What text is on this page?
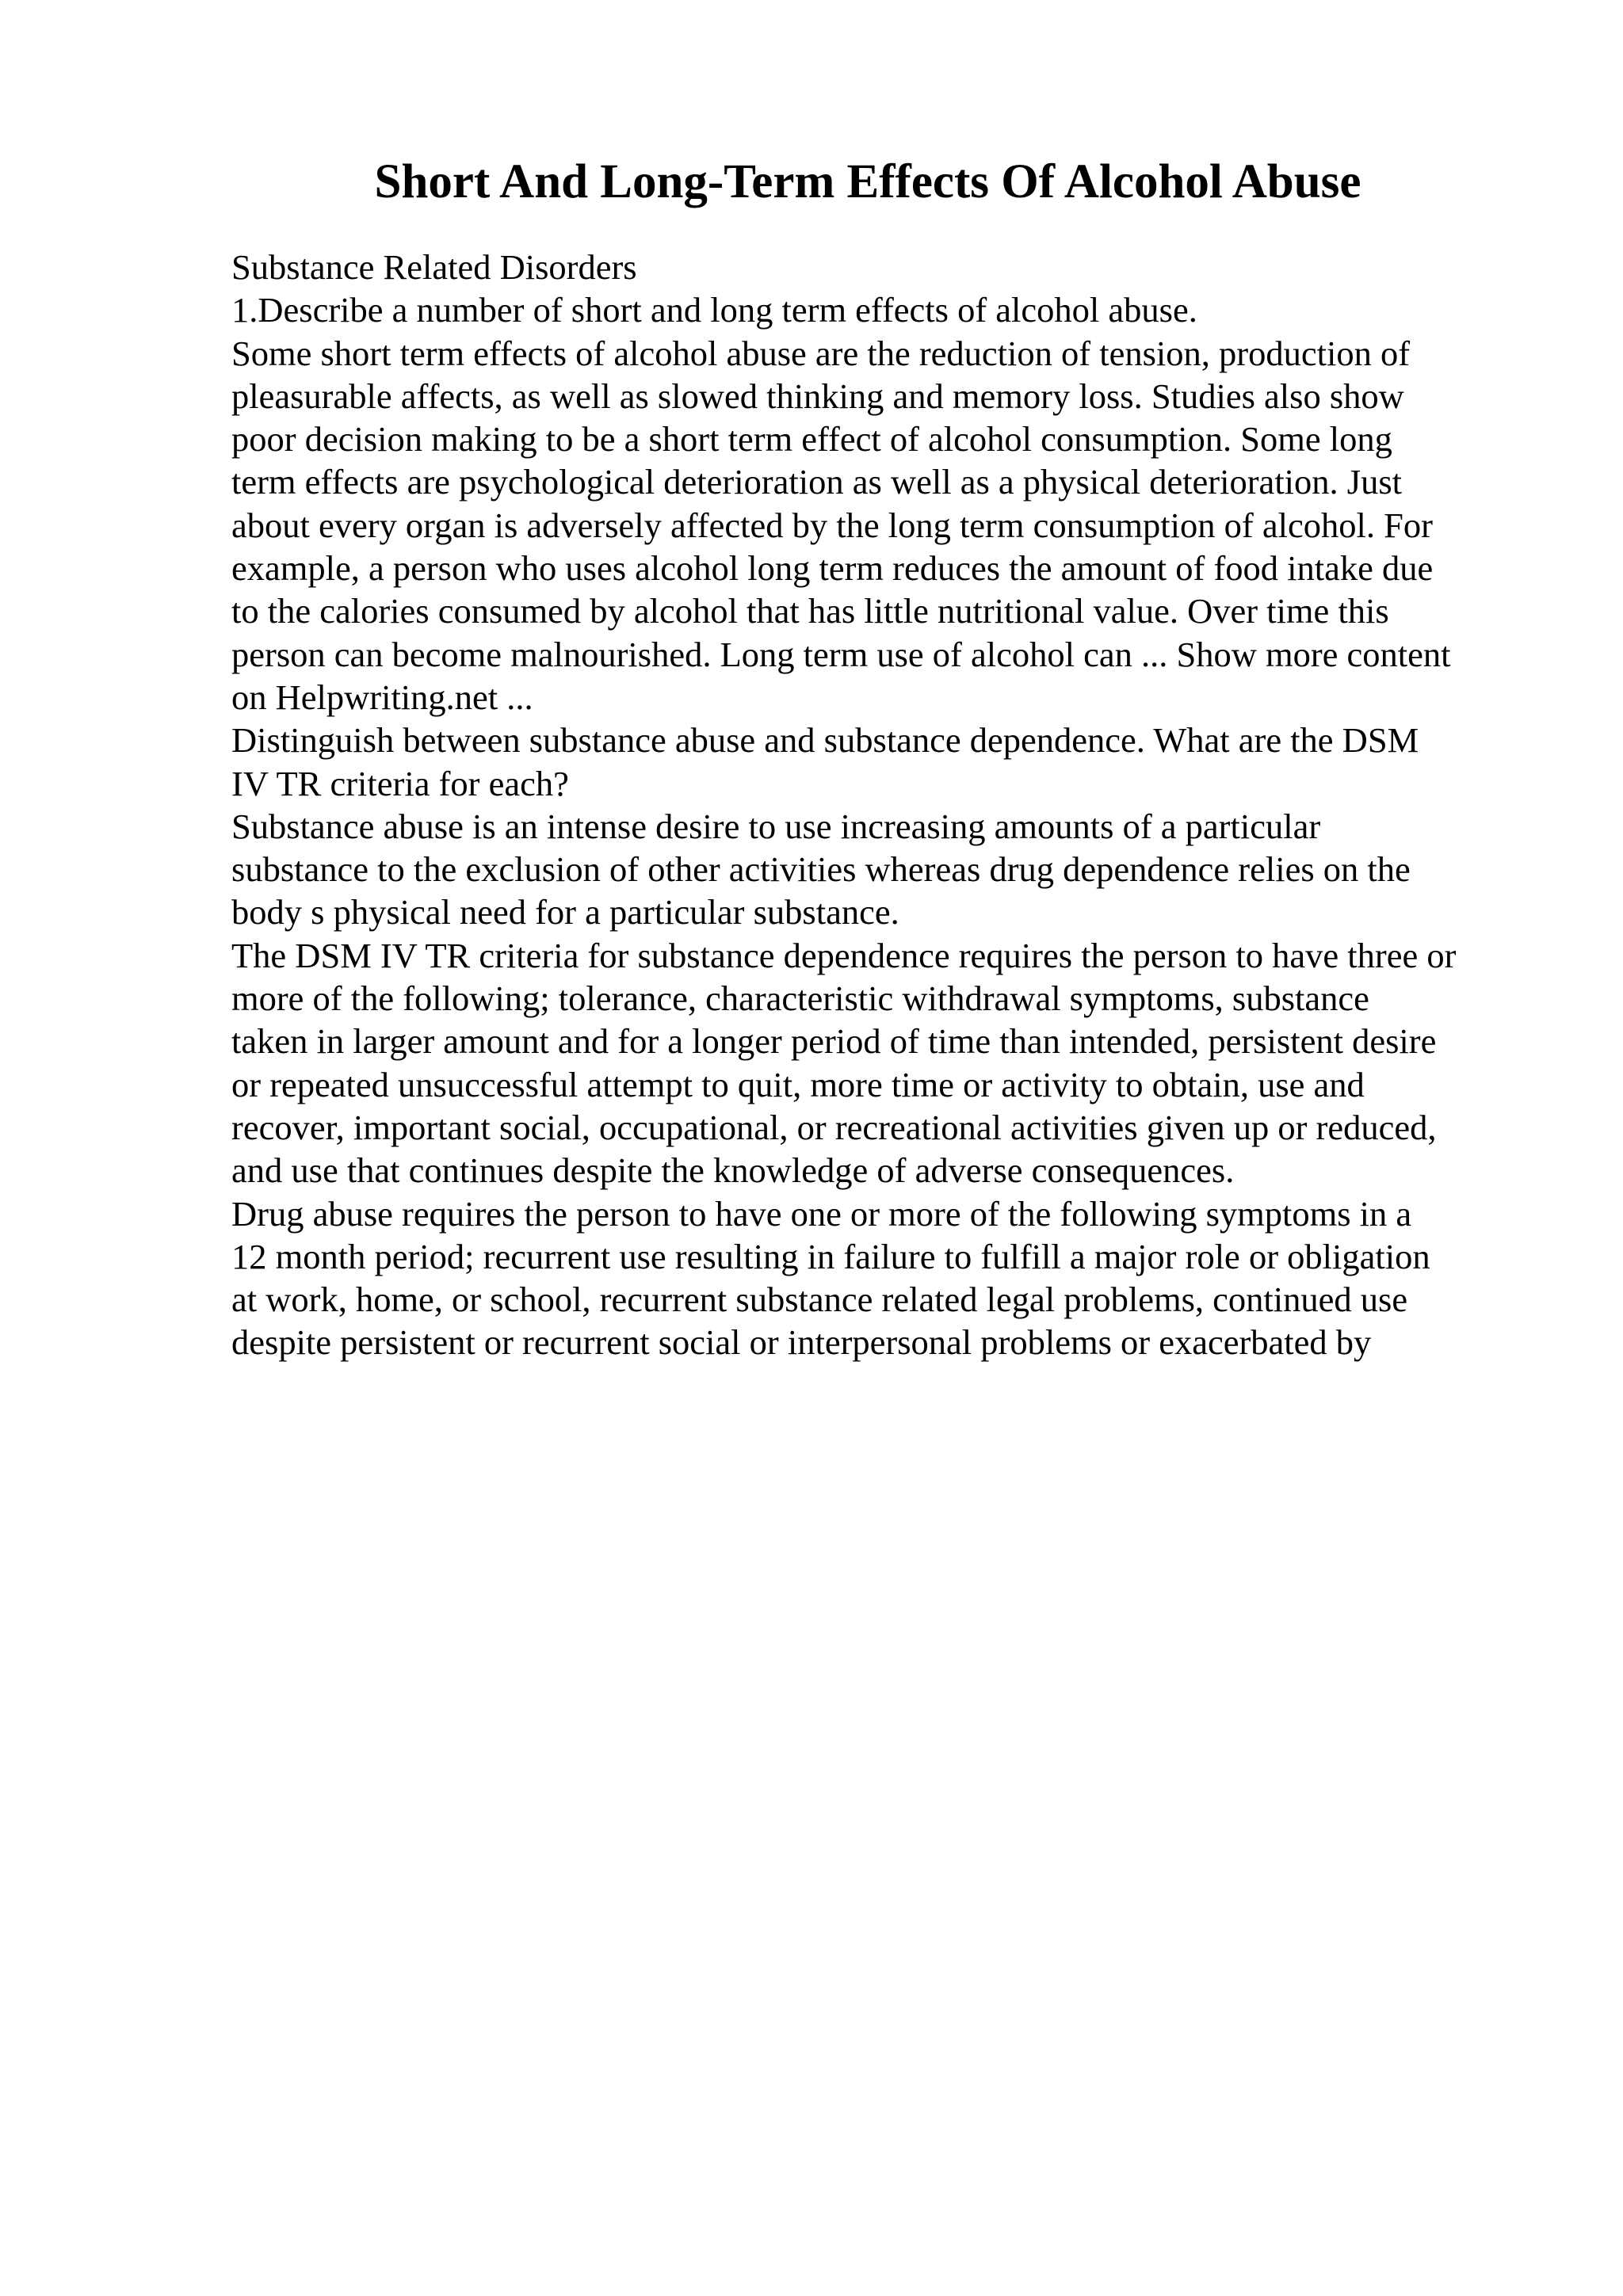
Short And Long-Term Effects Of Alcohol Abuse
Substance Related Disorders
1.Describe a number of short and long term effects of alcohol abuse.
Some short term effects of alcohol abuse are the reduction of tension, production of
pleasurable affects, as well as slowed thinking and memory loss. Studies also show
poor decision making to be a short term effect of alcohol consumption. Some long
term effects are psychological deterioration as well as a physical deterioration. Just
about every organ is adversely affected by the long term consumption of alcohol. For
example, a person who uses alcohol long term reduces the amount of food intake due
to the calories consumed by alcohol that has little nutritional value. Over time this
person can become malnourished. Long term use of alcohol can ... Show more content
on Helpwriting.net ...
Distinguish between substance abuse and substance dependence. What are the DSM
IV TR criteria for each?
Substance abuse is an intense desire to use increasing amounts of a particular
substance to the exclusion of other activities whereas drug dependence relies on the
body s physical need for a particular substance.
The DSM IV TR criteria for substance dependence requires the person to have three or
more of the following; tolerance, characteristic withdrawal symptoms, substance
taken in larger amount and for a longer period of time than intended, persistent desire
or repeated unsuccessful attempt to quit, more time or activity to obtain, use and
recover, important social, occupational, or recreational activities given up or reduced,
and use that continues despite the knowledge of adverse consequences.
Drug abuse requires the person to have one or more of the following symptoms in a
12 month period; recurrent use resulting in failure to fulfill a major role or obligation
at work, home, or school, recurrent substance related legal problems, continued use
despite persistent or recurrent social or interpersonal problems or exacerbated by
